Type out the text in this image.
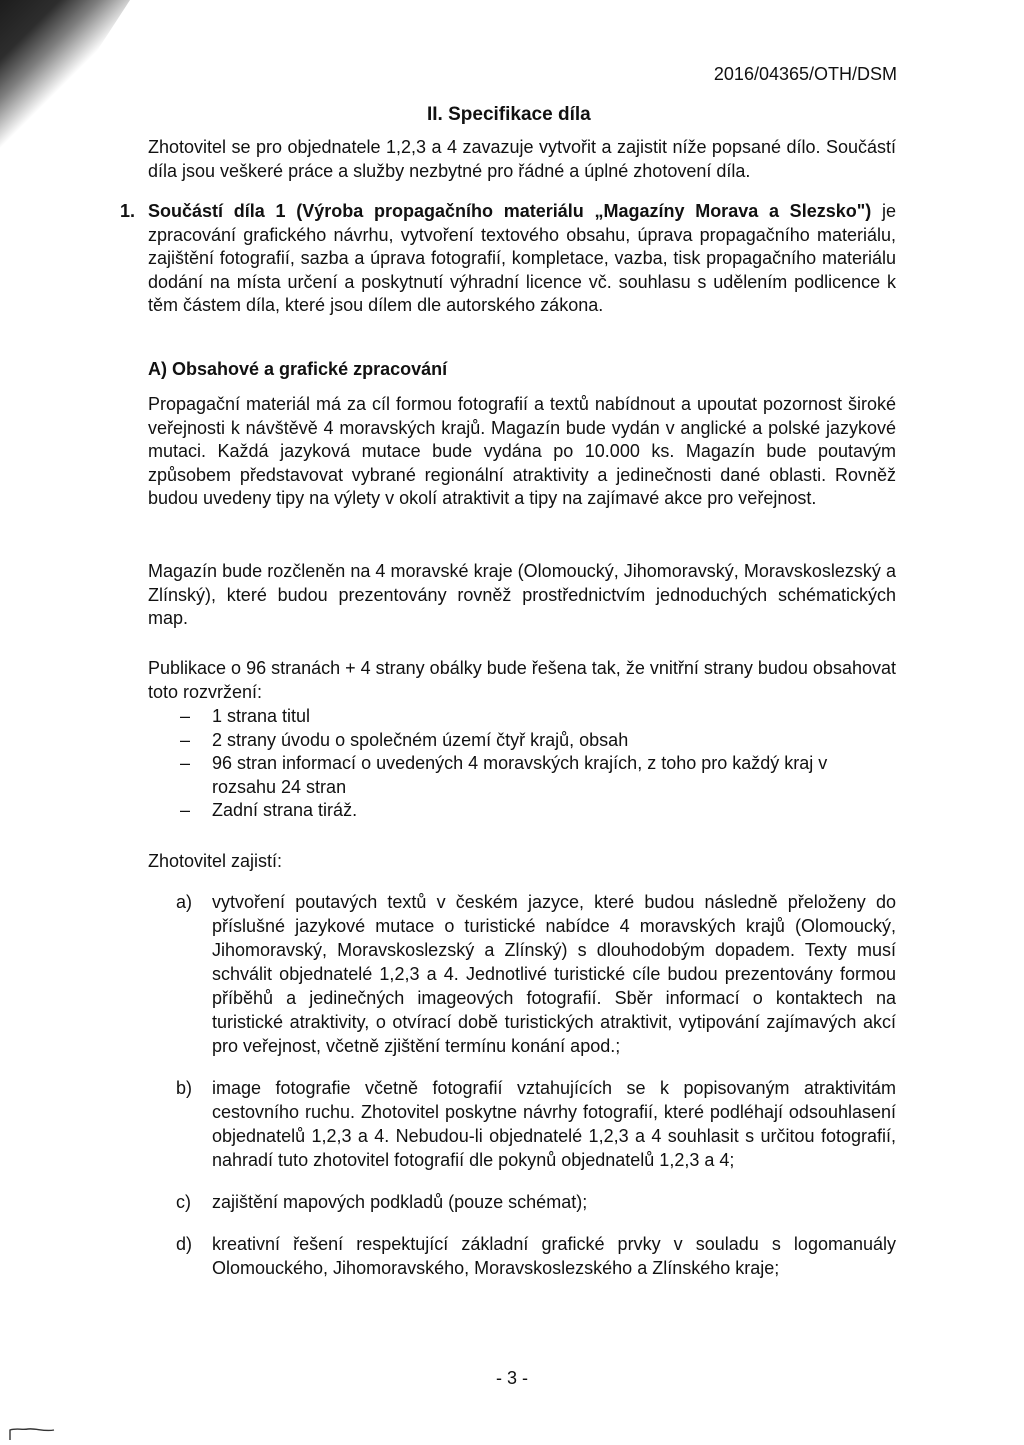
2016/04365/OTH/DSM
II. Specifikace díla

Zhotovitel se pro objednatele 1,2,3 a 4 zavazuje vytvořit a zajistit níže popsané dílo. Součástí díla jsou veškeré práce a služby nezbytné pro řádné a úplné zhotovení díla.

1. Součástí díla 1 (Výroba propagačního materiálu „Magazíny Morava a Slezsko") je zpracování grafického návrhu, vytvoření textového obsahu, úprava propagačního materiálu, zajištění fotografií, sazba a úprava fotografií, kompletace, vazba, tisk propagačního materiálu dodání na místa určení a poskytnutí výhradní licence vč. souhlasu s udělením podlicence k těm částem díla, které jsou dílem dle autorského zákona.

A) Obsahové a grafické zpracování

Propagační materiál má za cíl formou fotografií a textů nabídnout a upoutat pozornost široké veřejnosti k návštěvě 4 moravských krajů. Magazín bude vydán v anglické a polské jazykové mutaci. Každá jazyková mutace bude vydána po 10.000 ks. Magazín bude poutavým způsobem představovat vybrané regionální atraktivity a jedinečnosti dané oblasti. Rovněž budou uvedeny tipy na výlety v okolí atraktivit a tipy na zajímavé akce pro veřejnost.

Magazín bude rozčleněn na 4 moravské kraje (Olomoucký, Jihomoravský, Moravskoslezský a Zlínský), které budou prezentovány rovněž prostřednictvím jednoduchých schématických map.

Publikace o 96 stranách + 4 strany obálky bude řešena tak, že vnitřní strany budou obsahovat toto rozvržení:

– 1 strana titul
– 2 strany úvodu o společném území čtyř krajů, obsah
– 96 stran informací o uvedených 4 moravských krajích, z toho pro každý kraj v rozsahu 24 stran
– Zadní strana tiráž.
Zhotovitel zajistí:
a) vytvoření poutavých textů v českém jazyce, které budou následně přeloženy do příslušné jazykové mutace o turistické nabídce 4 moravských krajů (Olomoucký, Jihomoravský, Moravskoslezský a Zlínský) s dlouhodobým dopadem. Texty musí schválit objednatelé 1,2,3 a 4. Jednotlivé turistické cíle budou prezentovány formou příběhů a jedinečných imageových fotografií. Sběr informací o kontaktech na turistické atraktivity, o otvírací době turistických atraktivit, vytipování zajímavých akcí pro veřejnost, včetně zjištění termínu konání apod.;
b) image fotografie včetně fotografií vztahujících se k popisovaným atraktivitám cestovního ruchu. Zhotovitel poskytne návrhy fotografií, které podléhají odsouhlasení objednatelů 1,2,3 a 4. Nebudou-li objednatelé 1,2,3 a 4 souhlasit s určitou fotografií, nahradí tuto zhotovitel fotografií dle pokynů objednatelů 1,2,3 a 4;
c) zajištění mapových podkladů (pouze schémat);
d) kreativní řešení respektující základní grafické prvky v souladu s logomanuály Olomouckého, Jihomoravského, Moravskoslezského a Zlínského kraje;
- 3 -
